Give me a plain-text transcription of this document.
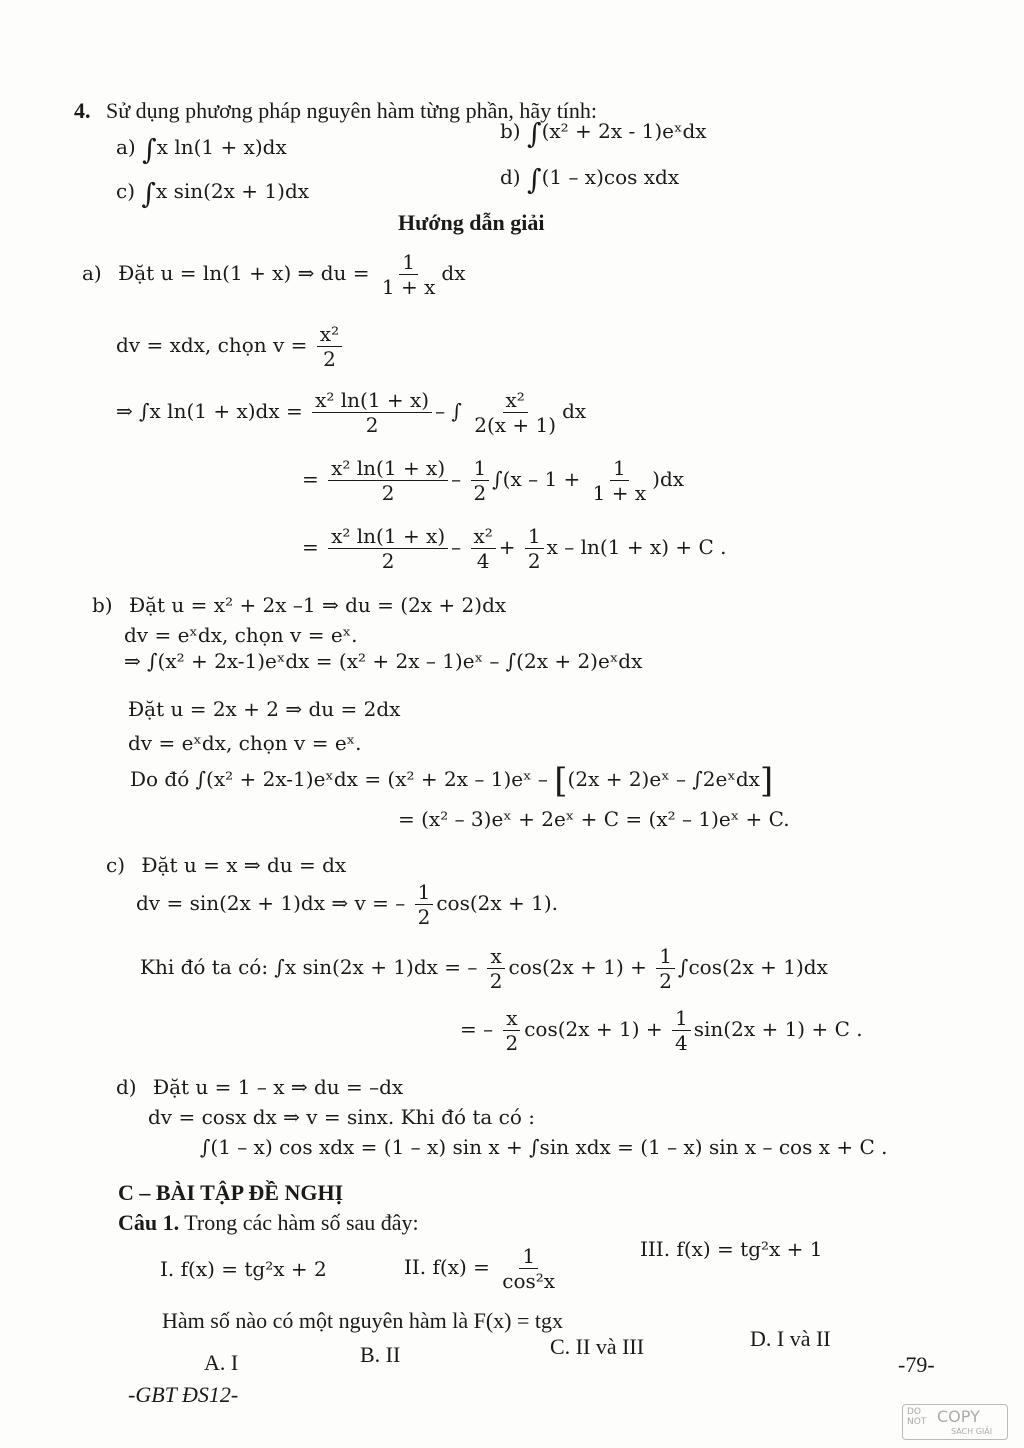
4. Sử dụng phương pháp nguyên hàm từng phần, hãy tính:
a) ∫x ln(1 + x)dx
b) ∫(x² + 2x - 1)eˣdx
c) ∫x sin(2x + 1)dx
d) ∫(1 – x)cos xdx
Hướng dẫn giải
a) Đặt u = ln(1 + x) ⇒ du = $\frac{1}{1 + x}$ dx
dv = xdx, chọn $v = \frac{\text{x²}}{2}$
⇒ ∫x $\ln(1 + x)dx = \frac{\text{x² ln(1 + x)}}{2}$ – ∫ $\frac{\text{x²}}{2(x + 1)}$ dx
= $\frac{\text{x² ln(1 + x)}}{2} - \frac{1}{2} \int(x - 1 + \frac{1}{1 + x} )dx$
= $\frac{\text{x² ln(1 + x)}}{2} - \frac{\text{x²}}{4} + \frac{1}{2}$ x – ln(1 + x) + C .
b) Đặt u = x² + 2x –1 ⇒ du = (2x + 2)dx
dv = eˣdx, chọn v = eˣ.
⇒ ∫(x² + 2x-1)eˣdx = (x² + 2x – 1)eˣ – ∫(2x + 2)eˣdx
Đặt u = 2x + 2 ⇒ du = 2dx
dv = eˣdx, chọn v = eˣ.
Do đó ∫(x² + 2x-1)eˣdx = (x² + 2x – 1)eˣ – [(2x + 2)eˣ – ∫2eˣdx]
= (x² – 3)eˣ + 2eˣ + C = (x² – 1)eˣ + C.
c) Đặt u = x ⇒ du = dx
dv = sin(2x + 1)dx ⇒ v = – $\frac{1}{2} \cos(2x + 1)$.
Khi đó ta có: ∫x sin(2x + 1)dx = – $\frac{x}{2} \cos(2x + 1) + \frac{1}{2} \int\cos(2x + 1)dx$
= – $\frac{x}{2} \cos(2x + 1) + \frac{1}{4} \sin(2x + 1) + C$ .
d) Đặt u = 1 – x ⇒ du = –dx
dv = cosx dx ⇒ v = sinx. Khi đó ta có :
∫(1 – x) cos xdx = (1 – x) sin x + ∫sin xdx = (1 – x) sin x – cos x + C .
C – BÀI TẬP ĐỀ NGHỊ
Câu 1. Trong các hàm số sau đây:
I. f(x) = tg²x + 2	II. $f(x) = \frac{1}{\text{cos²x}}$	III. f(x) = tg²x + 1
Hàm số nào có một nguyên hàm là F(x) = tgx
A. I	B. II	C. II và III	D. I và II
-79-
-GBT ĐS12-
DO NOT COPY
SÁCH GIẢI
